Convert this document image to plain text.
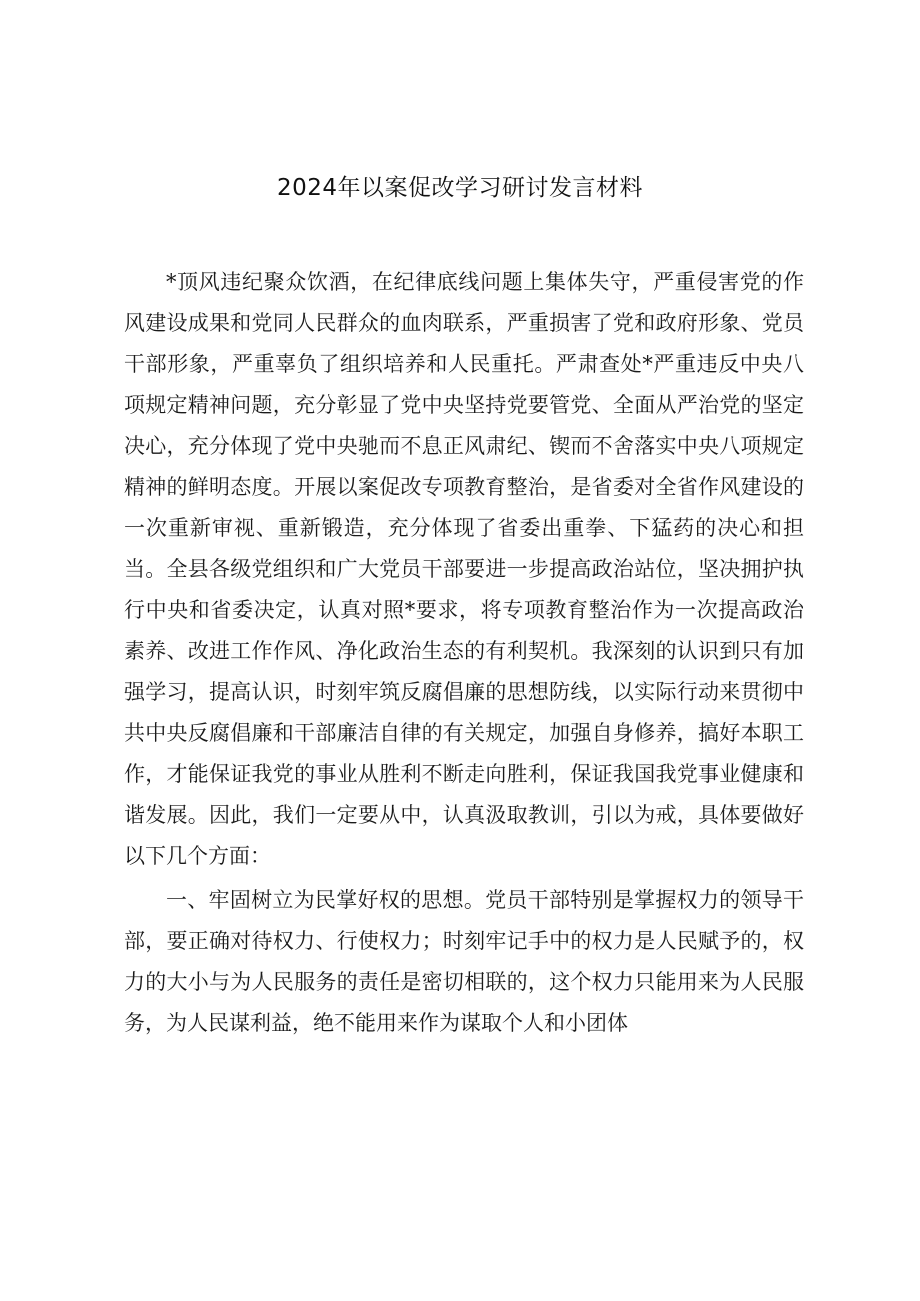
2024年以案促改学习研讨发言材料

*顶风违纪聚众饮酒，在纪律底线问题上集体失守，严重侵害党的作风建设成果和党同人民群众的血肉联系，严重损害了党和政府形象、党员干部形象，严重辜负了组织培养和人民重托。严肃查处*严重违反中央八项规定精神问题，充分彰显了党中央坚持党要管党、全面从严治党的坚定决心，充分体现了党中央驰而不息正风肃纪、锲而不舍落实中央八项规定精神的鲜明态度。开展以案促改专项教育整治，是省委对全省作风建设的一次重新审视、重新锻造，充分体现了省委出重拳、下猛药的决心和担当。全县各级党组织和广大党员干部要进一步提高政治站位，坚决拥护执行中央和省委决定，认真对照*要求，将专项教育整治作为一次提高政治素养、改进工作作风、净化政治生态的有利契机。我深刻的认识到只有加强学习，提高认识，时刻牢筑反腐倡廉的思想防线，以实际行动来贯彻中共中央反腐倡廉和干部廉洁自律的有关规定，加强自身修养，搞好本职工作，才能保证我党的事业从胜利不断走向胜利，保证我国我党事业健康和谐发展。因此，我们一定要从中，认真汲取教训，引以为戒，具体要做好以下几个方面：

一、牢固树立为民掌好权的思想。党员干部特别是掌握权力的领导干部，要正确对待权力、行使权力；时刻牢记手中的权力是人民赋予的，权力的大小与为人民服务的责任是密切相联的，这个权力只能用来为人民服务，为人民谋利益，绝不能用来作为谋取个人和小团体
